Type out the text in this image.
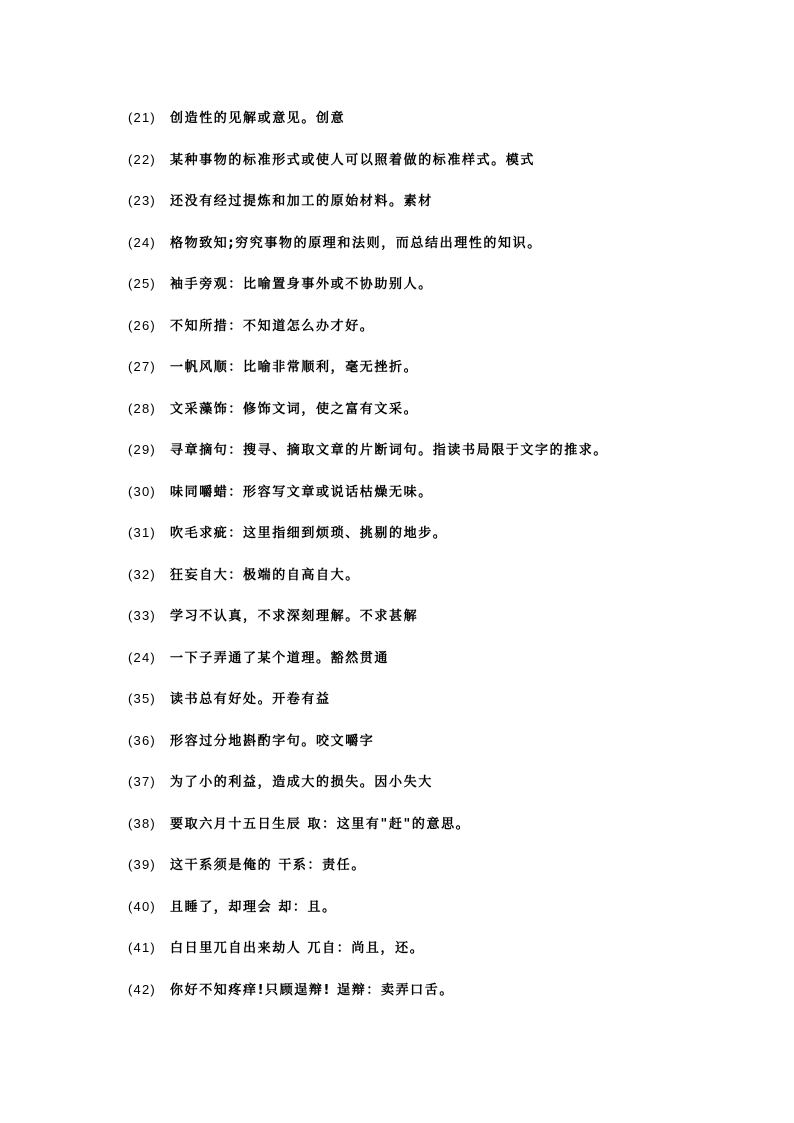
(21) 创造性的见解或意见。创意
(22) 某种事物的标准形式或使人可以照着做的标准样式。模式
(23) 还没有经过提炼和加工的原始材料。素材
(24) 格物致知;穷究事物的原理和法则，而总结出理性的知识。
(25) 袖手旁观：比喻置身事外或不协助别人。
(26) 不知所措：不知道怎么办才好。
(27) 一帆风顺：比喻非常顺利，毫无挫折。
(28) 文采藻饰：修饰文词，使之富有文采。
(29) 寻章摘句：搜寻、摘取文章的片断词句。指读书局限于文字的推求。
(30) 味同嚼蜡：形容写文章或说话枯燥无味。
(31) 吹毛求疵：这里指细到烦琐、挑剔的地步。
(32) 狂妄自大：极端的自高自大。
(33) 学习不认真，不求深刻理解。不求甚解
(24) 一下子弄通了某个道理。豁然贯通
(35) 读书总有好处。开卷有益
(36) 形容过分地斟酌字句。咬文嚼字
(37) 为了小的利益，造成大的损失。因小失大
(38) 要取六月十五日生辰 取：这里有"赶"的意思。
(39) 这干系须是俺的 干系：责任。
(40) 且睡了，却理会 却：且。
(41) 白日里兀自出来劫人 兀自：尚且，还。
(42) 你好不知疼痒!只顾逞辩! 逞辩：卖弄口舌。
